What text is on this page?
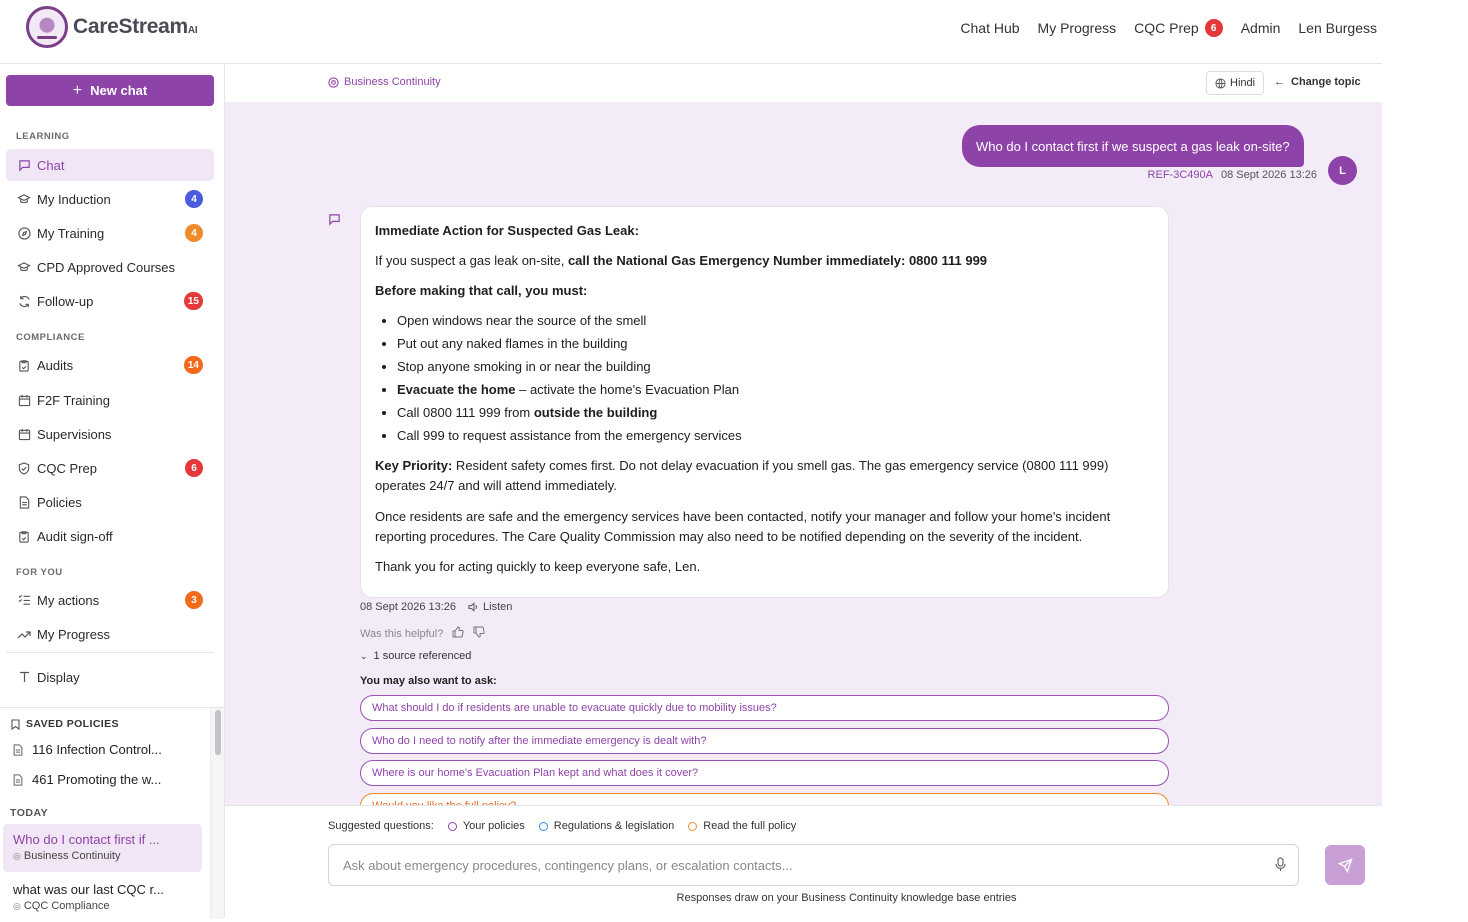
CareStreamAI	Chat Hub My Progress CQC Prep	6	Admin Len Burgess
+ New chat
LEARNING
Chat
My Induction	4
My Training	4
CPD Approved Courses
Follow-up	15
COMPLIANCE
Audits	14
F2F Training
Supervisions
CQC Prep	6
Policies
Audit sign-off
FOR YOU
My actions	3
My Progress
Display
SAVED POLICIES
116 Infection Control...
461 Promoting the w...
TODAY
Who do I contact first if ...
◎ Business Continuity
what was our last CQC r...
◎ CQC Compliance
Business Continuity	Hindi ← Change topic
Who do I contact first if we suspect a gas leak on-site?
REF-3C490A 08 Sept 2026 13:26	L

Immediate Action for Suspected Gas Leak:

If you suspect a gas leak on-site, call the National Gas Emergency Number immediately: 0800 111 999

Before making that call, you must:

• Open windows near the source of the smell
• Put out any naked flames in the building
• Stop anyone smoking in or near the building
• Evacuate the home – activate the home's Evacuation Plan
• Call 0800 111 999 from outside the building
• Call 999 to request assistance from the emergency services

Key Priority: Resident safety comes first. Do not delay evacuation if you smell gas. The gas emergency service (0800 111 999) operates 24/7 and will attend immediately.

Once residents are safe and the emergency services have been contacted, notify your manager and follow your home's incident reporting procedures. The Care Quality Commission may also need to be notified depending on the severity of the incident.

Thank you for acting quickly to keep everyone safe, Len.

08 Sept 2026 13:26 Listen
Was this helpful?
⌄ 1 source referenced
You may also want to ask:
What should I do if residents are unable to evacuate quickly due to mobility issues?
Who do I need to notify after the immediate emergency is dealt with?
Where is our home's Evacuation Plan kept and what does it cover?
Suggested questions:	Your policies	Regulations & legislation	Read the full policy
Ask about emergency procedures, contingency plans, or escalation contacts...
Responses draw on your Business Continuity knowledge base entries
